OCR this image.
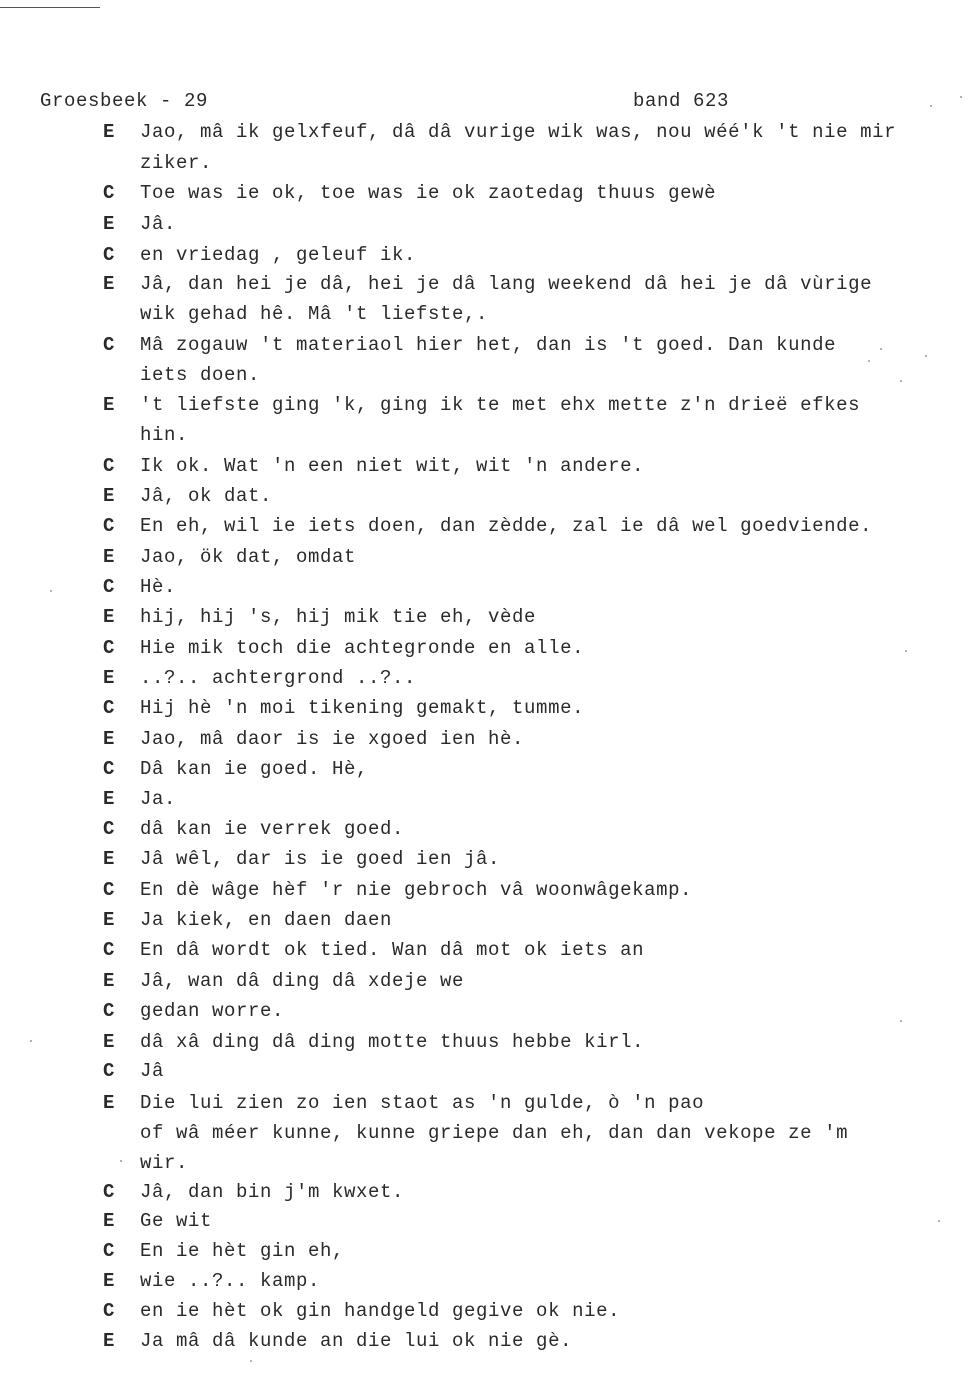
Groesbeek - 29	band 623
E	Jao, mâ ik gelxfeuf, dâ dâ vurige wik was, nou wéé'k 't nie mir
ziker.
C	Toe was ie ok, toe was ie ok zaotedag thuus gewè
E	Jâ.
C	en vriedag , geleuf ik.
E	Jâ, dan hei je dâ, hei je dâ lang weekend dâ hei je dâ vùrige
wik gehad hê. Mâ 't liefste,.
C	Mâ zogauw 't materiaol hier het, dan is 't goed. Dan kunde
iets doen.
E	't liefste ging 'k, ging ik te met ehx mette z'n drieë efkes
hin.
C	Ik ok. Wat 'n een niet wit, wit 'n andere.
E	Jâ, ok dat.
C	En eh, wil ie iets doen, dan zèdde, zal ie dâ wel goedviende.
E	Jao, ök dat, omdat
C	Hè.
E	hij, hij 's, hij mik tie eh, vède
C	Hie mik toch die achtegronde en alle.
E	..?.. achtergrond ..?..
C	Hij hè 'n moi tikening gemakt, tumme.
E	Jao, mâ daor is ie xgoed ien hè.
C	Dâ kan ie goed. Hè,
E	Ja.
C	dâ kan ie verrek goed.
E	Jâ wêl, dar is ie goed ien jâ.
C	En dè wâge hèf 'r nie gebroch vâ woonwâgekamp.
E	Ja kiek, en daen daen
C	En dâ wordt ok tied. Wan dâ mot ok iets an
E	Jâ, wan dâ ding dâ xdeje we
C	gedan worre.
E	dâ xâ ding dâ ding motte thuus hebbe kirl.
C	Jâ
E	Die lui zien zo ien staot as 'n gulde, ò 'n pao
of wâ méer kunne, kunne griepe dan eh, dan dan vekope ze 'm
wir.
C	Jâ, dan bin j'm kwxet.
E	Ge wit
C	En ie hèt gin eh,
E	wie ..?.. kamp.
C	en ie hèt ok gin handgeld gegive ok nie.
E	Ja mâ dâ kunde an die lui ok nie gè.
